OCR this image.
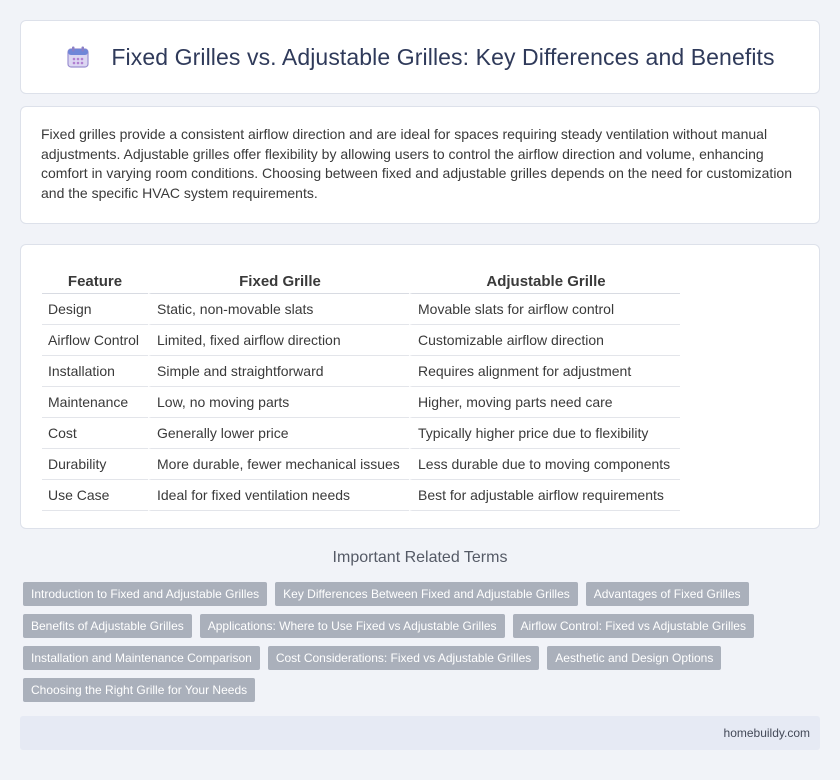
Fixed Grilles vs. Adjustable Grilles: Key Differences and Benefits

Fixed grilles provide a consistent airflow direction and are ideal for spaces requiring steady ventilation without manual adjustments. Adjustable grilles offer flexibility by allowing users to control the airflow direction and volume, enhancing comfort in varying room conditions. Choosing between fixed and adjustable grilles depends on the need for customization and the specific HVAC system requirements.

Feature	Fixed Grille	Adjustable Grille
Design	Static, non-movable slats	Movable slats for airflow control
Airflow Control	Limited, fixed airflow direction	Customizable airflow direction
Installation	Simple and straightforward	Requires alignment for adjustment
Maintenance	Low, no moving parts	Higher, moving parts need care
Cost	Generally lower price	Typically higher price due to flexibility
Durability	More durable, fewer mechanical issues	Less durable due to moving components
Use Case	Ideal for fixed ventilation needs	Best for adjustable airflow requirements
Important Related Terms
Introduction to Fixed and Adjustable Grilles	Key Differences Between Fixed and Adjustable Grilles	Advantages of Fixed Grilles
Benefits of Adjustable Grilles	Applications: Where to Use Fixed vs Adjustable Grilles	Airflow Control: Fixed vs Adjustable Grilles
Installation and Maintenance Comparison	Cost Considerations: Fixed vs Adjustable Grilles	Aesthetic and Design Options
Choosing the Right Grille for Your Needs
homebuildy.com
